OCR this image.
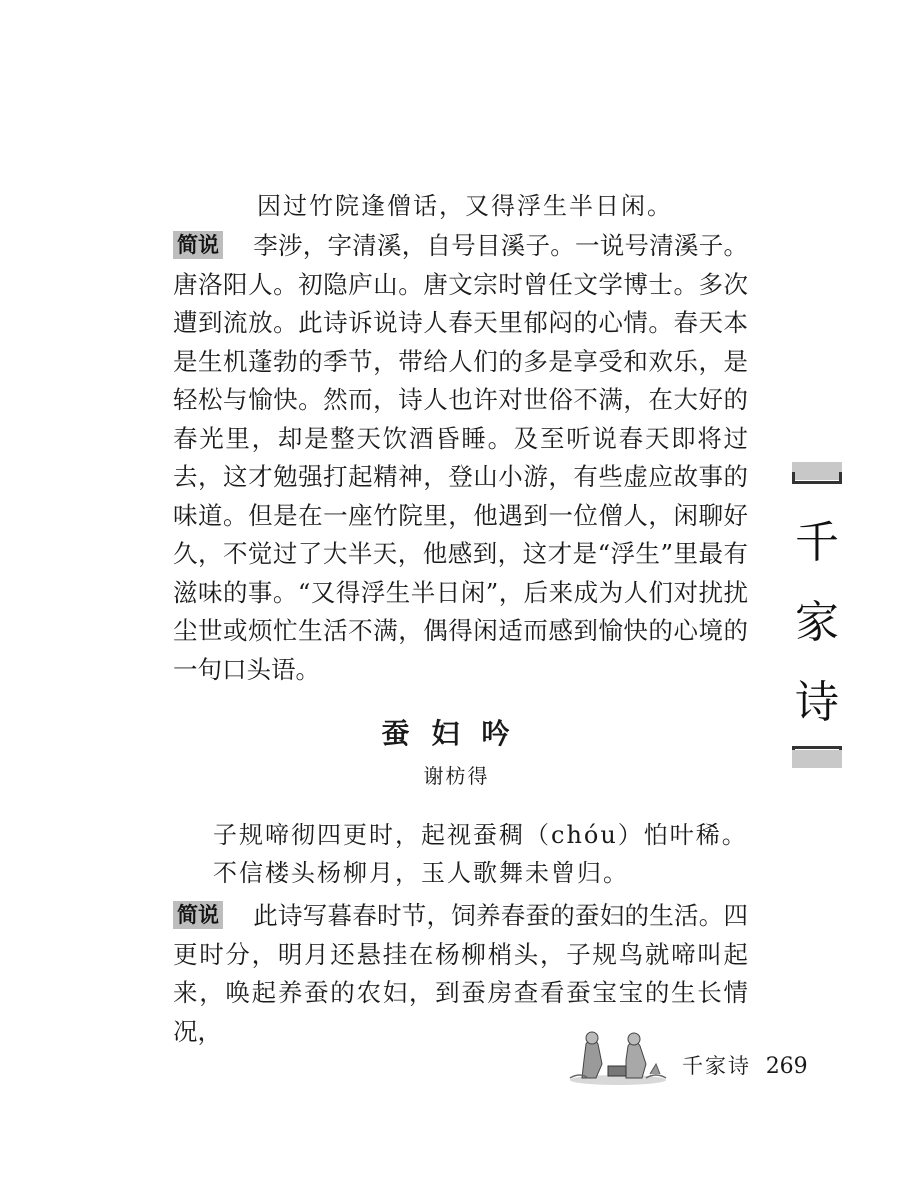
因过竹院逢僧话，又得浮生半日闲。
简说 李涉，字清溪，自号目溪子。一说号清溪子。唐洛阳人。初隐庐山。唐文宗时曾任文学博士。多次遭到流放。此诗诉说诗人春天里郁闷的心情。春天本是生机蓬勃的季节，带给人们的多是享受和欢乐，是轻松与愉快。然而，诗人也许对世俗不满，在大好的春光里，却是整天饮酒昏睡。及至听说春天即将过去，这才勉强打起精神，登山小游，有些虚应故事的味道。但是在一座竹院里，他遇到一位僧人，闲聊好久，不觉过了大半天，他感到，这才是“浮生”里最有滋味的事。“又得浮生半日闲”，后来成为人们对扰扰尘世或烦忙生活不满，偶得闲适而感到愉快的心境的一句口头语。
蚕妇吟
谢枋得
子规啼彻四更时，起视蚕稠（chóu）怕叶稀。
不信楼头杨柳月，玉人歌舞未曾归。
简说 此诗写暮春时节，饲养春蚕的蚕妇的生活。四更时分，明月还悬挂在杨柳梢头，子规鸟就啼叫起来，唤起养蚕的农妇，到蚕房查看蚕宝宝的生长情况，
千
家
诗
千家诗 269
